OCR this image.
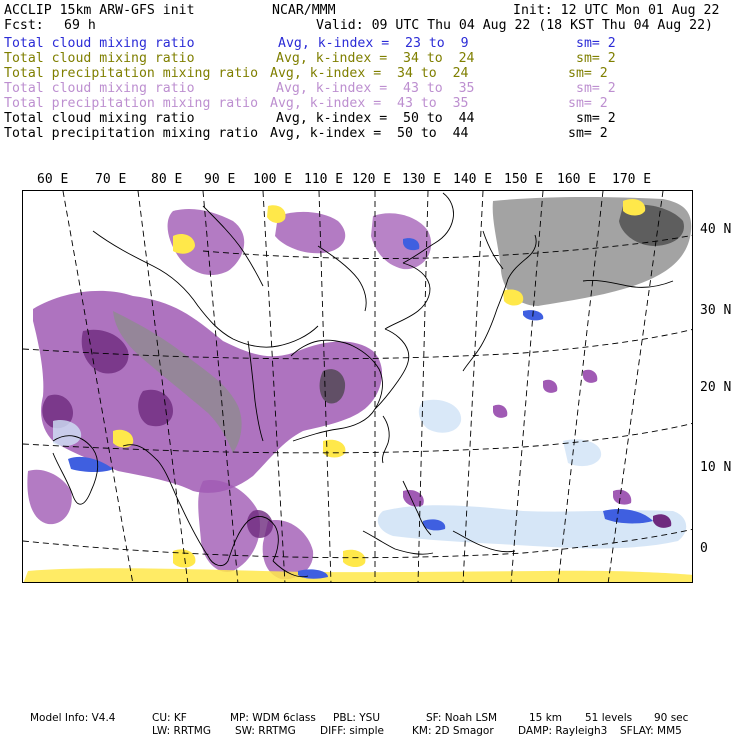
ACCLIP 15km ARW-GFS init	NCAR/MMM	Init: 12 UTC Mon 01 Aug 22
Fcst: 69 h	Valid: 09 UTC Thu 04 Aug 22 (18 KST Thu 04 Aug 22)
Total cloud mixing ratio	Avg, k-index =  23 to  9	sm= 2
Total cloud mixing ratio	Avg, k-index =  34 to  24	sm= 2
Total precipitation mixing ratio Avg, k-index =  34 to  24	sm= 2
Total cloud mixing ratio	Avg, k-index =  43 to  35	sm= 2
Total precipitation mixing ratio Avg, k-index =  43 to  35	sm= 2
Total cloud mixing ratio	Avg, k-index =  50 to  44	sm= 2
Total precipitation mixing ratio Avg, k-index =  50 to  44	sm= 2
60 E 70 E 80 E 90 E 100 E 110 E 120 E 130 E 140 E 150 E 160 E 170 E
40 N
30 N
20 N
10 N
0
Model Info: V4.4	CU: KF	MP: WDM 6class PBL: YSU	SF: Noah LSM	15 km 51 levels 90 sec
LW: RRTMG SW: RRTMG DIFF: simple	KM: 2D Smagor DAMP: Rayleigh3 SFLAY: MM5
